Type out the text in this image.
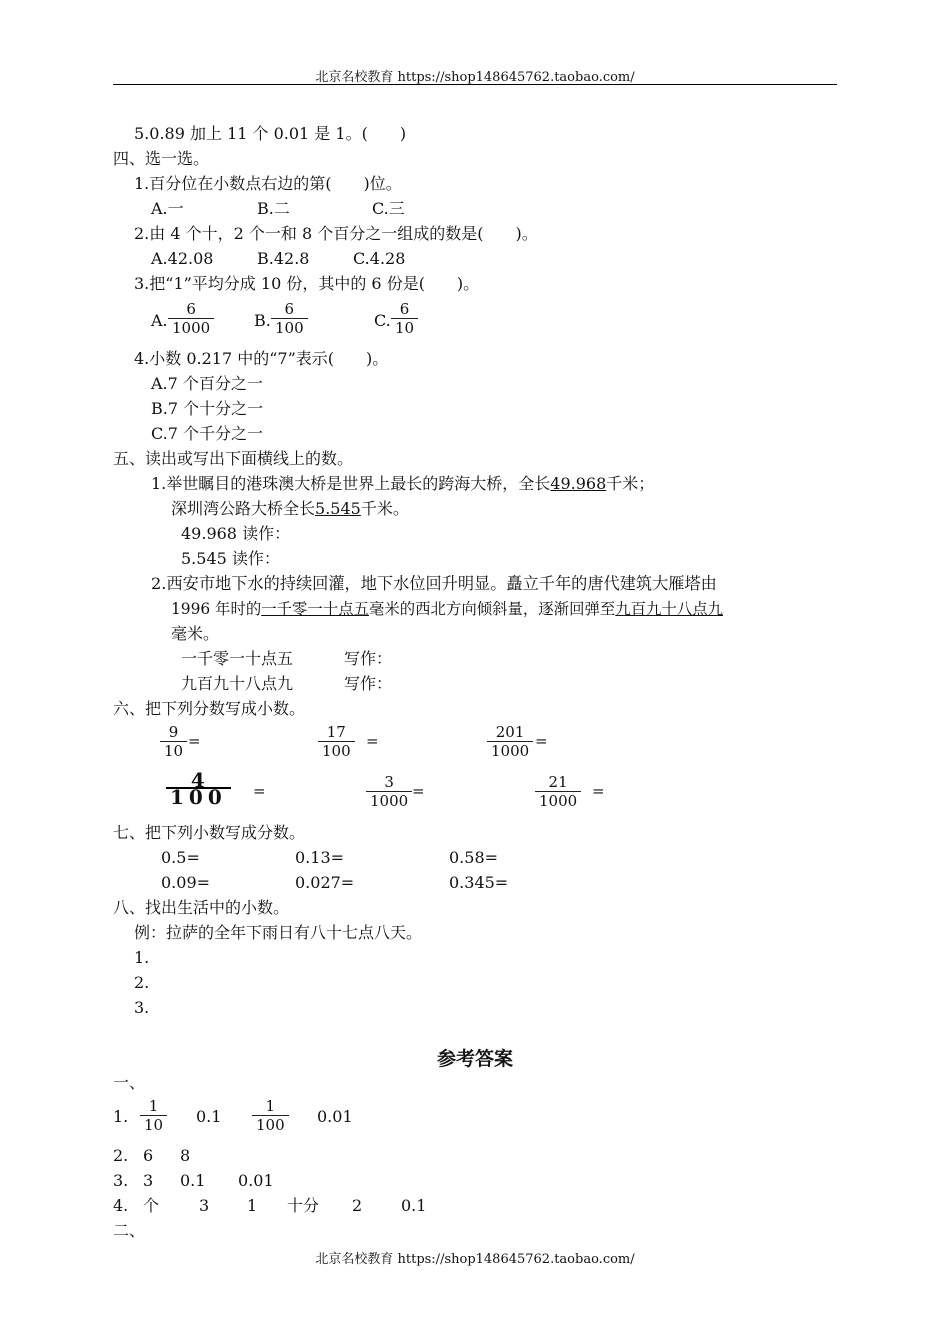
北京名校教育 https://shop148645762.taobao.com/
5.0.89 加上 11 个 0.01 是 1。(　　)
四、选一选。
1.百分位在小数点右边的第(　　)位。
A.一	B.二	C.三
2.由 4 个十，2 个一和 8 个百分之一组成的数是(　　)。
A.42.08	B.42.8	C.4.28
3.把“1”平均分成 10 份，其中的 6 份是(　　)。
A. $\frac{6}{1000} B$. $\frac{6}{100}$	C. $\frac{6}{10}$
4.小数 0.217 中的“7”表示(　　)。
A.7 个百分之一
B.7 个十分之一
C.7 个千分之一
五、读出或写出下面横线上的数。
1.举世瞩目的港珠澳大桥是世界上最长的跨海大桥，全长49.968千米；
深圳湾公路大桥全长5.545千米。
49.968 读作：
5.545 读作：
2.西安市地下水的持续回灌，地下水位回升明显。矗立千年的唐代建筑大雁塔由
1996 年时的一千零一十点五毫米的西北方向倾斜量，逐渐回弹至九百九十八点九
毫米。
一千零一十点五	写作：
九百九十八点九	写作：
六、把下列分数写成小数。
$\frac{9}{10}$ =	$\frac{17}{100}$ =	$\frac{201}{1000}$ =
$\frac{4}{100}$ =	$\frac{3}{1000}$ =	$\frac{21}{1000}$ =
七、把下列小数写成分数。
0.5=	0.13=	0.58=
0.09=	0.027=	0.345=
八、找出生活中的小数。
例：拉萨的全年下雨日有八十七点八天。
1.
2.
3.
参考答案
一、
1. $\frac{1}{10} 0.1 \frac{1}{100} 0.01$
2. 6 8
3. 3 0.1 0.01
4. 个 3 1 十分 2 0.1
二、
北京名校教育 https://shop148645762.taobao.com/
